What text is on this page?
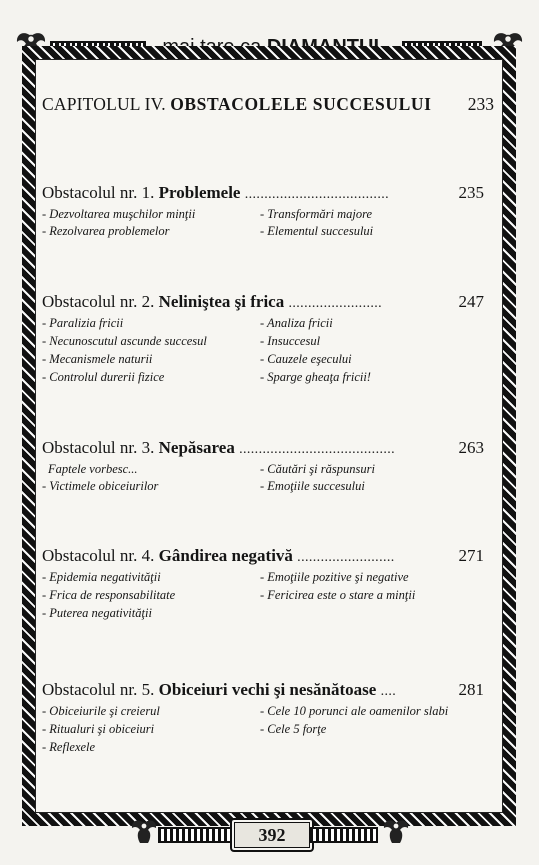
mai tare ca DIAMANTUL
CAPITOLUL IV. OBSTACOLELE SUCCESULUI 233
Obstacolul nr. 1. Problemele .....................................	235
- Dezvoltarea muşchilor minţii
- Rezolvarea problemelor
- Transformări majore
- Elementul succesului
Obstacolul nr. 2. Neliniştea şi frica ........................	247
- Paralizia fricii
- Necunoscutul ascunde succesul
- Mecanismele naturii
- Controlul durerii fizice
- Analiza fricii
- Insuccesul
- Cauzele eşecului
- Sparge gheaţa fricii!
Obstacolul nr. 3. Nepăsarea ........................................	263
Faptele vorbesc...
- Victimele obiceiurilor
- Căutări şi răspunsuri
- Emoţiile succesului
Obstacolul nr. 4. Gândirea negativă .........................	271
- Epidemia negativităţii
- Frica de responsabilitate
- Puterea negativităţii
- Emoţiile pozitive şi negative
- Fericirea este o stare a minţii
Obstacolul nr. 5. Obiceiuri vechi şi nesănătoase ....	281
- Obiceiurile şi creierul
- Ritualuri şi obiceiuri
- Reflexele
- Cele 10 porunci ale oamenilor slabi
- Cele 5 forţe
392
